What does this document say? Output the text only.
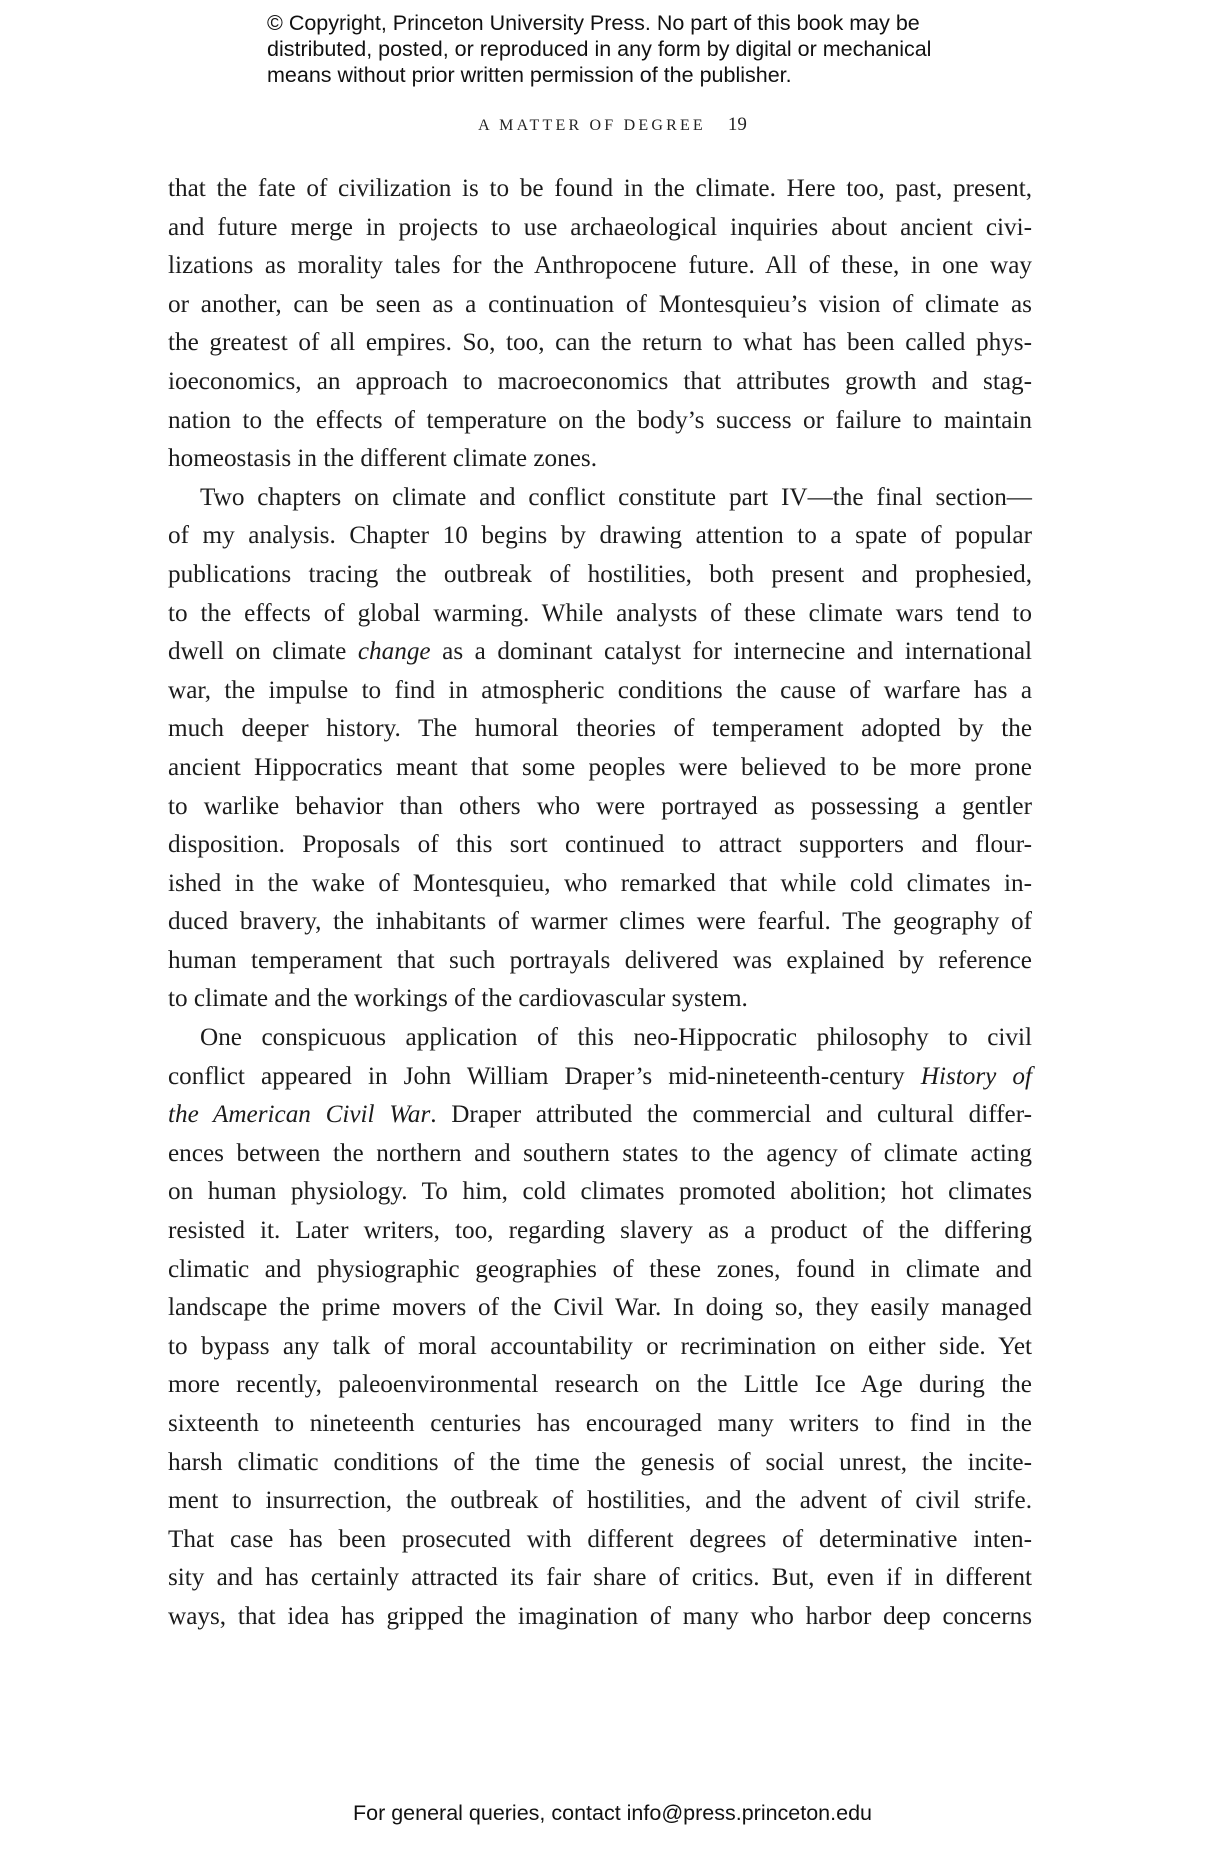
© Copyright, Princeton University Press. No part of this book may be
distributed, posted, or reproduced in any form by digital or mechanical
means without prior written permission of the publisher.
A MATTER OF DEGREE 19
that the fate of civilization is to be found in the climate. Here too, past, present,
and future merge in projects to use archaeological inquiries about ancient civi-
lizations as morality tales for the Anthropocene future. All of these, in one way
or another, can be seen as a continuation of Montesquieu’s vision of climate as
the greatest of all empires. So, too, can the return to what has been called phys-
ioeconomics, an approach to macroeconomics that attributes growth and stag-
nation to the effects of temperature on the body’s success or failure to maintain
homeostasis in the different climate zones.
Two chapters on climate and conflict constitute part IV—the final section—
of my analysis. Chapter 10 begins by drawing attention to a spate of popular
publications tracing the outbreak of hostilities, both present and prophesied,
to the effects of global warming. While analysts of these climate wars tend to
dwell on climate change as a dominant catalyst for internecine and international
war, the impulse to find in atmospheric conditions the cause of warfare has a
much deeper history. The humoral theories of temperament adopted by the
ancient Hippocratics meant that some peoples were believed to be more prone
to warlike behavior than others who were portrayed as possessing a gentler
disposition. Proposals of this sort continued to attract supporters and flour-
ished in the wake of Montesquieu, who remarked that while cold climates in-
duced bravery, the inhabitants of warmer climes were fearful. The geography of
human temperament that such portrayals delivered was explained by reference
to climate and the workings of the cardiovascular system.
One conspicuous application of this neo-Hippocratic philosophy to civil
conflict appeared in John William Draper’s mid-nineteenth-century History of
the American Civil War. Draper attributed the commercial and cultural differ-
ences between the northern and southern states to the agency of climate acting
on human physiology. To him, cold climates promoted abolition; hot climates
resisted it. Later writers, too, regarding slavery as a product of the differing
climatic and physiographic geographies of these zones, found in climate and
landscape the prime movers of the Civil War. In doing so, they easily managed
to bypass any talk of moral accountability or recrimination on either side. Yet
more recently, paleoenvironmental research on the Little Ice Age during the
sixteenth to nineteenth centuries has encouraged many writers to find in the
harsh climatic conditions of the time the genesis of social unrest, the incite-
ment to insurrection, the outbreak of hostilities, and the advent of civil strife.
That case has been prosecuted with different degrees of determinative inten-
sity and has certainly attracted its fair share of critics. But, even if in different
ways, that idea has gripped the imagination of many who harbor deep concerns
For general queries, contact info@press.princeton.edu
